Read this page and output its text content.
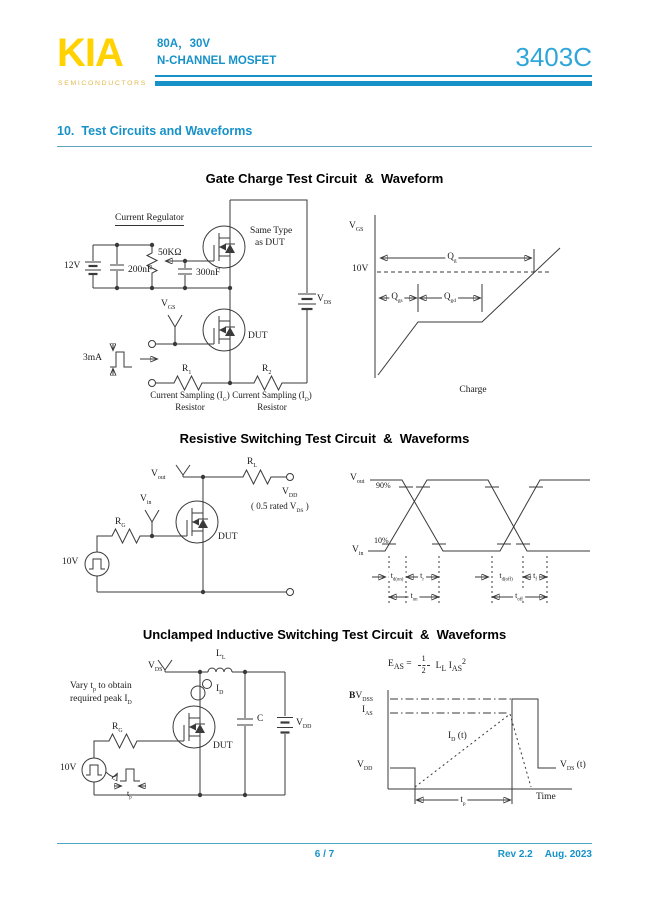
KIA
SEMICONDUCTORS
80A，30V
N-CHANNEL MOSFET	3403C
10. Test Circuits and Waveforms
Gate Charge Test Circuit  &  Waveform
Resistive Switching Test Circuit  &  Waveforms
Unclamped Inductive Switching Test Circuit  &  Waveforms
Current Regulator
12V	200nF
50KΩ
300nF
Same Type
as DUT
$V_{GS}$
DUT
3mA
$R_1$	$R_2$
Current Sampling $(I_G)$
Resistor
Current Sampling $(I_D)$
Resistor
$V_{DS}$
$V_{GS}$
10V
$Q_g$
$Q_{gs}$	$Q_{gd}$
Charge
$V_{out}$
$R_L$
$V_{DD}$
( 0.5 rated $V_{DS}$ )
$V_{in}$
$R_G$
10V
DUT
$V_{out}$
$V_{in}$
90%
10%
$t_{d(on)}$
$t_r$
$t_{on}$
$t_{d(off)}$
$t_f$
$t_{off}$
$V_{DS}$
$L_L$
$I_D$
Vary $t_p$ to obtain
required peak $I_D$
$R_G$
10V
$t_p$
DUT
C	$V_{DD}$
$E_{AS} = \frac{1}{2} L_L$ $I_{AS}^2$
$BV_{DSS}$
$I_{AS}$
$I_D$ (t)
$V_{DD}$	$V_{DS}$ (t)
$t_p$
Time
6 / 7	Rev 2.2 Aug. 2023
